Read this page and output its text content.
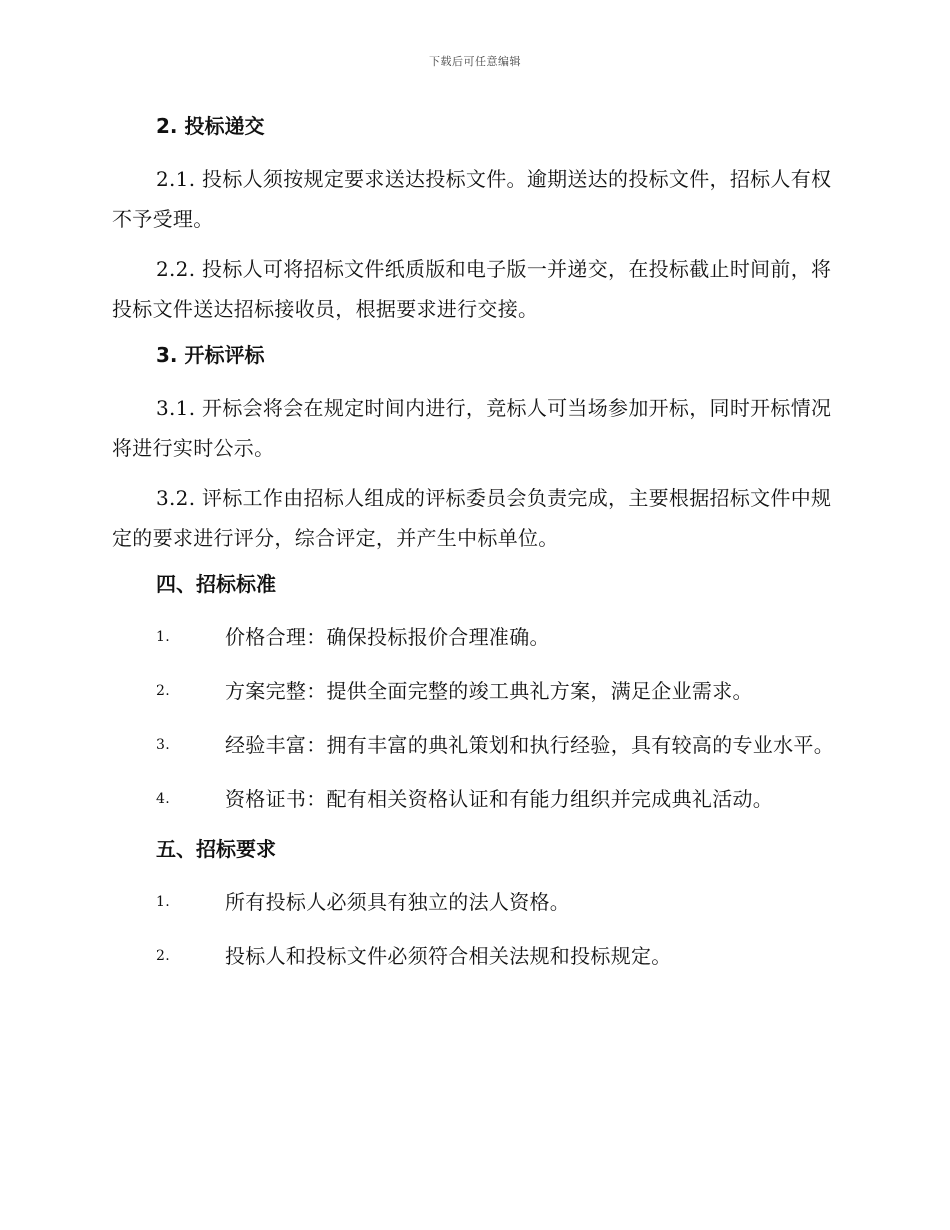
下载后可任意编辑
2. 投标递交

2.1. 投标人须按规定要求送达投标文件。逾期送达的投标文件，招标人有权不予受理。

2.2. 投标人可将招标文件纸质版和电子版一并递交，在投标截止时间前，将投标文件送达招标接收员，根据要求进行交接。

3. 开标评标

3.1. 开标会将会在规定时间内进行，竞标人可当场参加开标，同时开标情况将进行实时公示。

3.2. 评标工作由招标人组成的评标委员会负责完成，主要根据招标文件中规定的要求进行评分，综合评定，并产生中标单位。

四、招标标准
1.	价格合理：确保投标报价合理准确。
2.	方案完整：提供全面完整的竣工典礼方案，满足企业需求。
3.	经验丰富：拥有丰富的典礼策划和执行经验，具有较高的专业水平。
4.	资格证书：配有相关资格认证和有能力组织并完成典礼活动。
五、招标要求
1.	所有投标人必须具有独立的法人资格。
2.	投标人和投标文件必须符合相关法规和投标规定。
